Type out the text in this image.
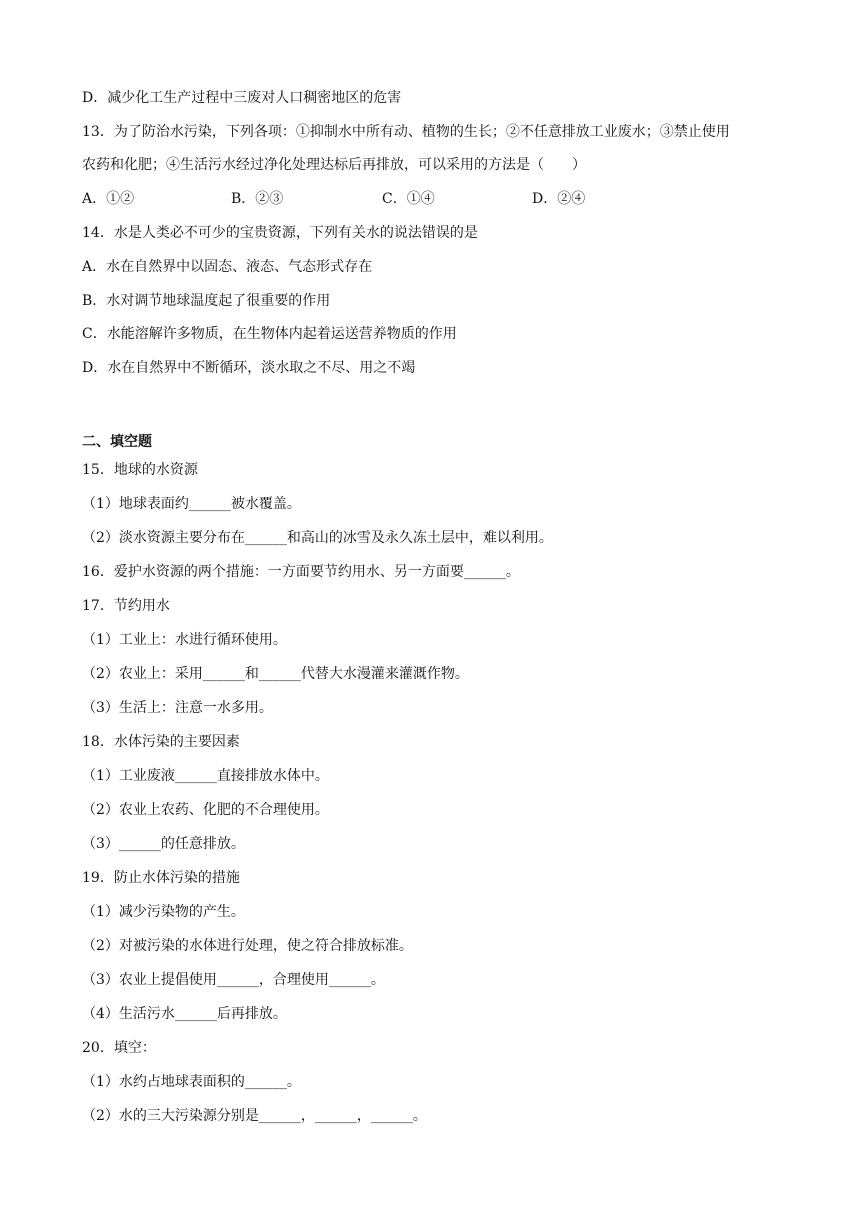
D．减少化工生产过程中三废对人口稠密地区的危害
13．为了防治水污染，下列各项：①抑制水中所有动、植物的生长；②不任意排放工业废水；③禁止使用
农药和化肥；④生活污水经过净化处理达标后再排放，可以采用的方法是（　　）
A．①②	B．②③	C．①④	D．②④
14．水是人类必不可少的宝贵资源，下列有关水的说法错误的是
A．水在自然界中以固态、液态、气态形式存在
B．水对调节地球温度起了很重要的作用
C．水能溶解许多物质，在生物体内起着运送营养物质的作用
D．水在自然界中不断循环，淡水取之不尽、用之不竭
二、填空题
15．地球的水资源
（1）地球表面约______被水覆盖。
（2）淡水资源主要分布在______和高山的冰雪及永久冻土层中，难以利用。
16．爱护水资源的两个措施：一方面要节约用水、另一方面要______。
17．节约用水
（1）工业上：水进行循环使用。
（2）农业上：采用______和______代替大水漫灌来灌溉作物。
（3）生活上：注意一水多用。
18．水体污染的主要因素
（1）工业废液______直接排放水体中。
（2）农业上农药、化肥的不合理使用。
（3）______的任意排放。
19．防止水体污染的措施
（1）减少污染物的产生。
（2）对被污染的水体进行处理，使之符合排放标准。
（3）农业上提倡使用______，合理使用______。
（4）生活污水______后再排放。
20．填空：
（1）水约占地球表面积的______。
（2）水的三大污染源分别是______，______，______。
